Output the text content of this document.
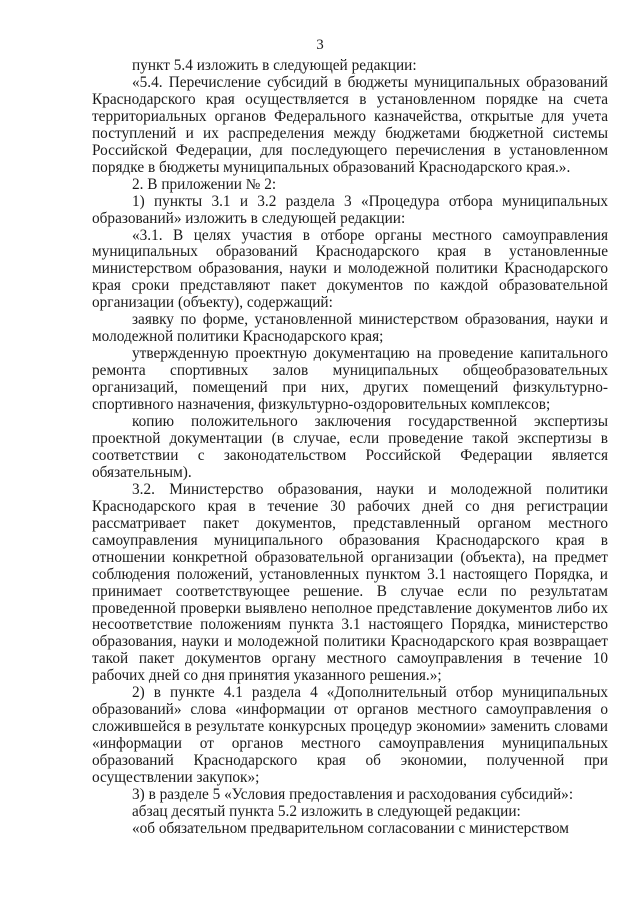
3

пункт 5.4 изложить в следующей редакции:

«5.4. Перечисление субсидий в бюджеты муниципальных образований Краснодарского края осуществляется в установленном порядке на счета территориальных органов Федерального казначейства, открытые для учета поступлений и их распределения между бюджетами бюджетной системы Российской Федерации, для последующего перечисления в установленном порядке в бюджеты муниципальных образований Краснодарского края.».

2. В приложении № 2:

1) пункты 3.1 и 3.2 раздела 3 «Процедура отбора муниципальных образований» изложить в следующей редакции:

«3.1. В целях участия в отборе органы местного самоуправления муниципальных образований Краснодарского края в установленные министерством образования, науки и молодежной политики Краснодарского края сроки представляют пакет документов по каждой образовательной организации (объекту), содержащий:

заявку по форме, установленной министерством образования, науки и молодежной политики Краснодарского края;

утвержденную проектную документацию на проведение капитального ремонта спортивных залов муниципальных общеобразовательных организаций, помещений при них, других помещений физкультурно-спортивного назначения, физкультурно-оздоровительных комплексов;

копию положительного заключения государственной экспертизы проектной документации (в случае, если проведение такой экспертизы в соответствии с законодательством Российской Федерации является обязательным).

3.2. Министерство образования, науки и молодежной политики Краснодарского края в течение 30 рабочих дней со дня регистрации рассматривает пакет документов, представленный органом местного самоуправления муниципального образования Краснодарского края в отношении конкретной образовательной организации (объекта), на предмет соблюдения положений, установленных пунктом 3.1 настоящего Порядка, и принимает соответствующее решение. В случае если по результатам проведенной проверки выявлено неполное представление документов либо их несоответствие положениям пункта 3.1 настоящего Порядка, министерство образования, науки и молодежной политики Краснодарского края возвращает такой пакет документов органу местного самоуправления в течение 10 рабочих дней со дня принятия указанного решения.»;

2) в пункте 4.1 раздела 4 «Дополнительный отбор муниципальных образований» слова «информации от органов местного самоуправления о сложившейся в результате конкурсных процедур экономии» заменить словами «информации от органов местного самоуправления муниципальных образований Краснодарского края об экономии, полученной при осуществлении закупок»;

3) в разделе 5 «Условия предоставления и расходования субсидий»:

абзац десятый пункта 5.2 изложить в следующей редакции:

«об обязательном предварительном согласовании с министерством
